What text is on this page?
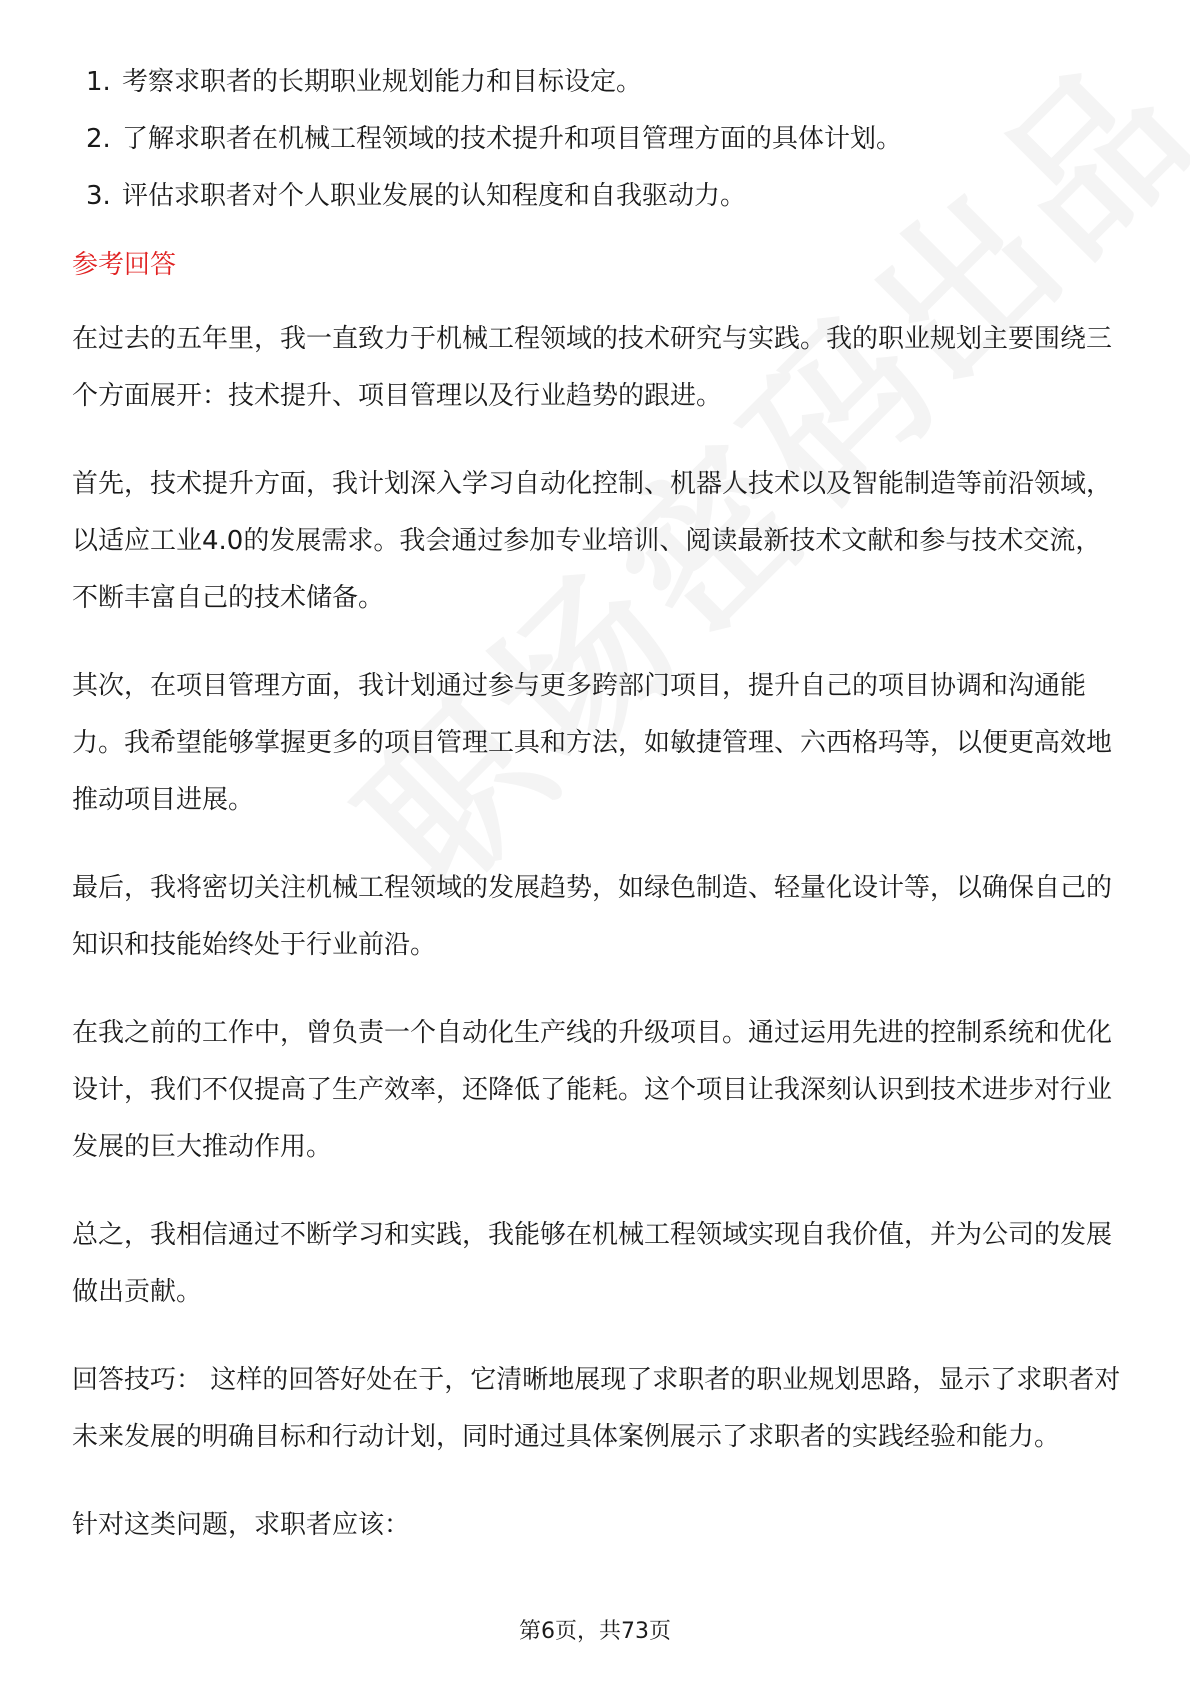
1. 考察求职者的长期职业规划能力和目标设定。
2. 了解求职者在机械工程领域的技术提升和项目管理方面的具体计划。
3. 评估求职者对个人职业发展的认知程度和自我驱动力。
参考回答

在过去的五年里，我一直致力于机械工程领域的技术研究与实践。我的职业规划主要围绕三个方面展开：技术提升、项目管理以及行业趋势的跟进。

首先，技术提升方面，我计划深入学习自动化控制、机器人技术以及智能制造等前沿领域，以适应工业4.0的发展需求。我会通过参加专业培训、阅读最新技术文献和参与技术交流，不断丰富自己的技术储备。

其次，在项目管理方面，我计划通过参与更多跨部门项目，提升自己的项目协调和沟通能力。我希望能够掌握更多的项目管理工具和方法，如敏捷管理、六西格玛等，以便更高效地推动项目进展。

最后，我将密切关注机械工程领域的发展趋势，如绿色制造、轻量化设计等，以确保自己的知识和技能始终处于行业前沿。

在我之前的工作中，曾负责一个自动化生产线的升级项目。通过运用先进的控制系统和优化设计，我们不仅提高了生产效率，还降低了能耗。这个项目让我深刻认识到技术进步对行业发展的巨大推动作用。

总之，我相信通过不断学习和实践，我能够在机械工程领域实现自我价值，并为公司的发展做出贡献。

回答技巧： 这样的回答好处在于，它清晰地展现了求职者的职业规划思路，显示了求职者对未来发展的明确目标和行动计划，同时通过具体案例展示了求职者的实践经验和能力。

针对这类问题，求职者应该：

第6页，共73页
